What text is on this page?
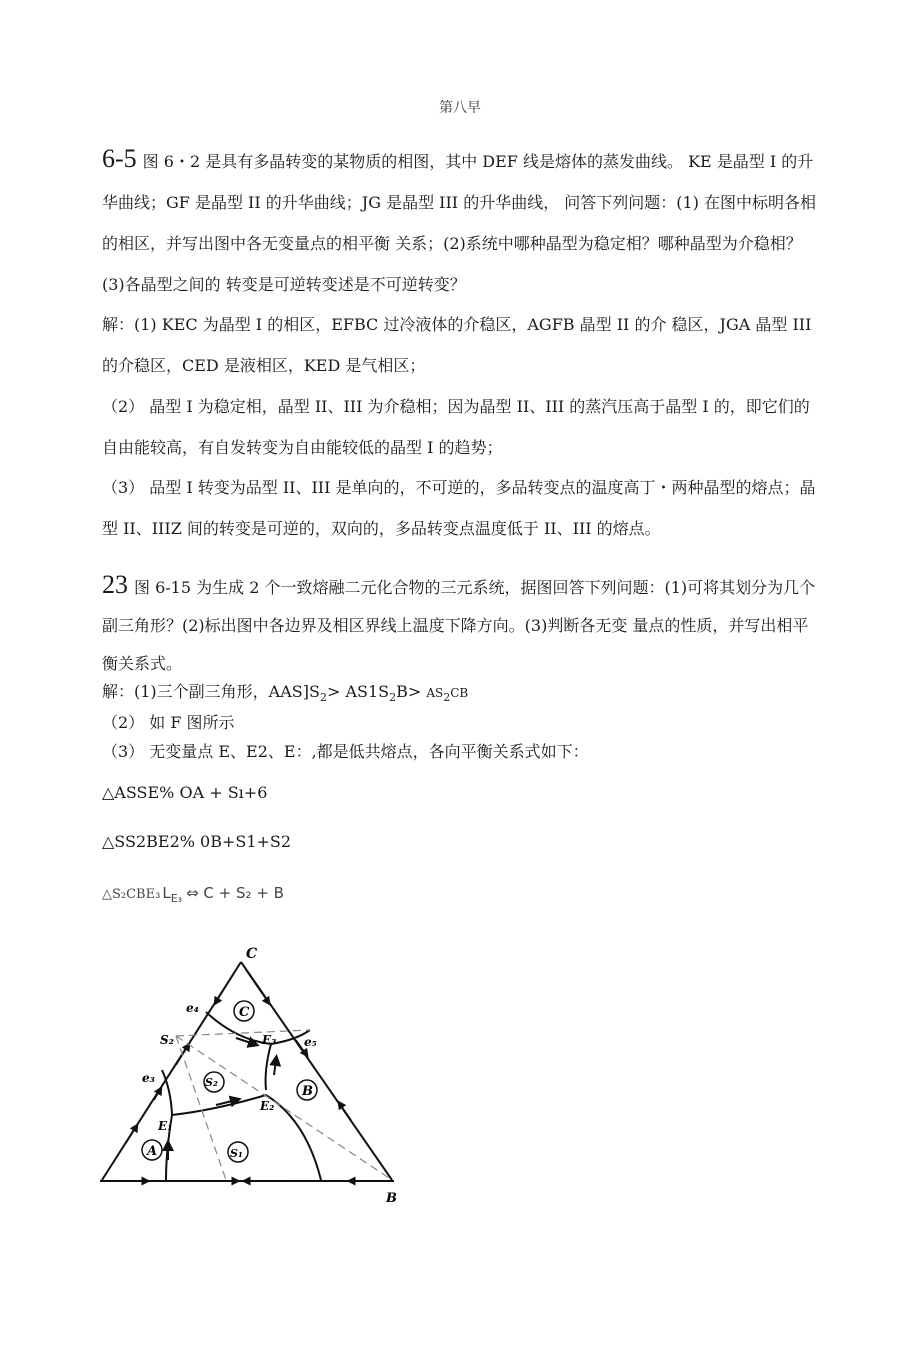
第八早

6-5 图 6・2 是具有多晶转变的某物质的相图，其中 DEF 线是熔体的蒸发曲线。 KE 是晶型 I 的升华曲线；GF 是晶型 II 的升华曲线；JG 是晶型 III 的升华曲线， 问答下列问题：(1) 在图中标明各相的相区，并写出图中各无变量点的相平衡 关系；(2)系统中哪种晶型为稳定相？哪种晶型为介稳相？ (3)各晶型之间的 转变是可逆转变述是不可逆转变？

解：(1) KEC 为晶型 I 的相区，EFBC 过冷液体的介稳区，AGFB 晶型 II 的介 稳区，JGA 晶型 III 的介稳区，CED 是液相区，KED 是气相区；

（2） 晶型 I 为稳定相，晶型 II、III 为介稳相；因为晶型 II、III 的蒸汽压高于晶型 I 的，即它们的自由能较高，有自发转变为自由能较低的晶型 I 的趋势；

（3） 品型 I 转变为品型 II、III 是单向的，不可逆的，多品转变点的温度高丁・两种晶型的熔点；晶型 II、IIIZ 间的转变是可逆的，双向的，多品转变点温度低于 II、III 的熔点。

23 图 6-15 为生成 2 个一致熔融二元化合物的三元系统，据图回答下列问题：(1)可将其划分为几个副三角形？(2)标出图中各边界及相区界线上温度下降方向。(3)判断各无变 量点的性质，并写出相平衡关系式。

解：(1)三个副三角形，$AAS]S_2> AS1S_2B> AS_2CB$

（2） 如 F 图所示

（3） 无变量点 E、E2、E：,都是低共熔点，各向平衡关系式如下：

△ASSE% OA + Sı+6

△SS2BE2% 0B+S1+S2

△S₂CBE₃ $L_{E_3}$ ⇔ C + S₂ + B

C
B
e₄
S₂
e₃
E₁
E₃ e₅
E₂
C
S₂
B
A	S₁
